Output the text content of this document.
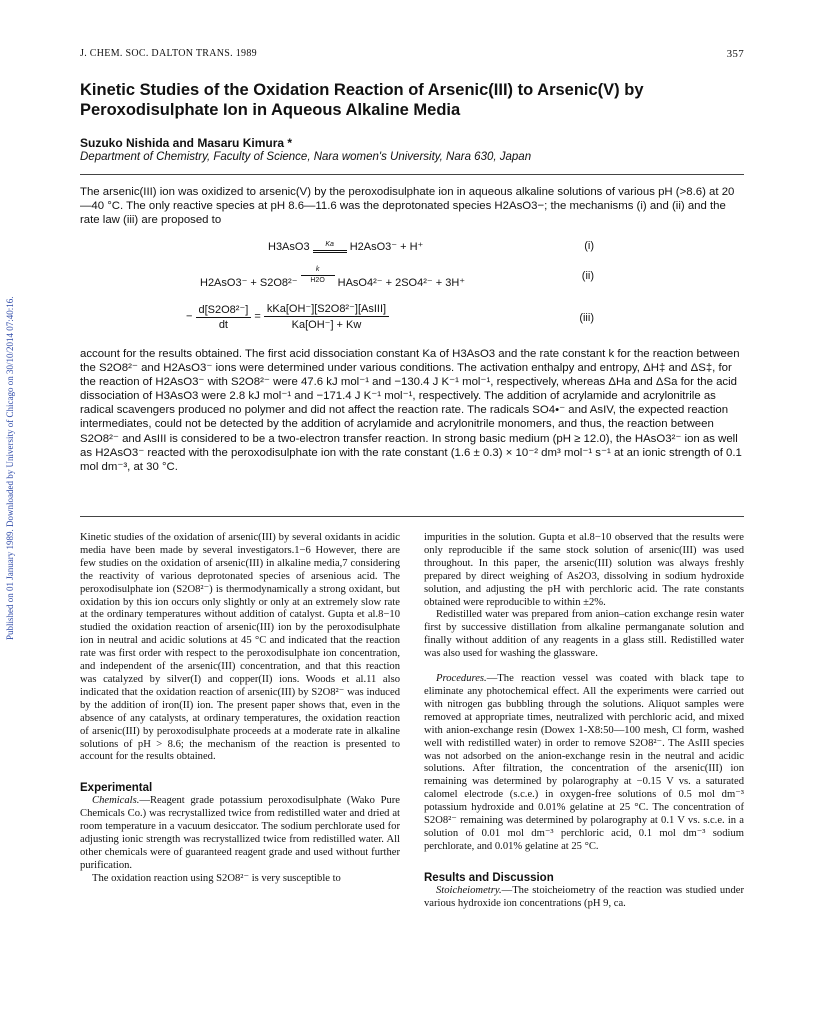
Published on 01 January 1989. Downloaded by University of Chicago on 30/10/2014 07:40:16.
J. CHEM. SOC. DALTON TRANS. 1989	357
Kinetic Studies of the Oxidation Reaction of Arsenic(III) to Arsenic(V) by Peroxodisulphate Ion in Aqueous Alkaline Media
Suzuko Nishida and Masaru Kimura *
Department of Chemistry, Faculty of Science, Nara women's University, Nara 630, Japan

The arsenic(III) ion was oxidized to arsenic(V) by the peroxodisulphate ion in aqueous alkaline solutions of various pH (>8.6) at 20—40 °C. The only reactive species at pH 8.6—11.6 was the deprotonated species H2AsO3−; the mechanisms (i) and (ii) and the rate law (iii) are proposed to

H3AsO3	Ka	H2AsO3⁻ + H⁺	(i)
$H2AsO3^- + S2O8^{2-} \frac{k}{H2O}$ HAsO4²⁻ + 2SO4²⁻ + 3H⁺
(ii)
− $\frac{\text{d[S2O8²⁻]}}{dt} = \frac{\text{kKa[OH⁻][S2O8²⁻][AsIII]}}{Ka[OH^-] + Kw}$	(iii)

account for the results obtained. The first acid dissociation constant Ka of H3AsO3 and the rate constant k for the reaction between the S2O8²⁻ and H2AsO3⁻ ions were determined under various conditions. The activation enthalpy and entropy, ΔH‡ and ΔS‡, for the reaction of H2AsO3⁻ with S2O8²⁻ were 47.6 kJ mol⁻¹ and −130.4 J K⁻¹ mol⁻¹, respectively, whereas ΔHa and ΔSa for the acid dissociation of H3AsO3 were 2.8 kJ mol⁻¹ and −171.4 J K⁻¹ mol⁻¹, respectively. The addition of acrylamide and acrylonitrile as radical scavengers produced no polymer and did not affect the reaction rate. The radicals SO4•⁻ and AsIV, the expected reaction intermediates, could not be detected by the addition of acrylamide and acrylonitrile monomers, and thus, the reaction between S2O8²⁻ and AsIII is considered to be a two-electron transfer reaction. In strong basic medium (pH ≥ 12.0), the HAsO3²⁻ ion as well as H2AsO3⁻ reacted with the peroxodisulphate ion with the rate constant (1.6 ± 0.3) × 10⁻² dm³ mol⁻¹ s⁻¹ at an ionic strength of 0.1 mol dm⁻³, at 30 °C.

Kinetic studies of the oxidation of arsenic(III) by several oxidants in acidic media have been made by several investigators.1−6 However, there are few studies on the oxidation of arsenic(III) in alkaline media,7 considering the reactivity of various deprotonated species of arsenious acid. The peroxodisulphate ion (S2O8²⁻) is thermodynamically a strong oxidant, but oxidation by this ion occurs only slightly or only at an extremely slow rate at the ordinary temperatures without addition of catalyst. Gupta et al.8−10 studied the oxidation reaction of arsenic(III) ion by the peroxodisulphate ion in neutral and acidic solutions at 45 °C and indicated that the reaction rate was first order with respect to the peroxodisulphate ion concentration, and independent of the arsenic(III) concentration, and that this reaction was catalyzed by silver(I) and copper(II) ions. Woods et al.11 also indicated that the oxidation reaction of arsenic(III) by S2O8²⁻ was induced by the addition of iron(II) ion. The present paper shows that, even in the absence of any catalysts, at ordinary temperatures, the oxidation reaction of arsenic(III) by peroxodisulphate proceeds at a moderate rate in alkaline solutions of pH > 8.6; the mechanism of the reaction is presented to account for the results obtained.

Experimental

Chemicals.—Reagent grade potassium peroxodisulphate (Wako Pure Chemicals Co.) was recrystallized twice from redistilled water and dried at room temperature in a vacuum desiccator. The sodium perchlorate used for adjusting ionic strength was recrystallized twice from redistilled water. All other chemicals were of guaranteed reagent grade and used without further purification.

The oxidation reaction using S2O8²⁻ is very susceptible to

impurities in the solution. Gupta et al.8−10 observed that the results were only reproducible if the same stock solution of arsenic(III) was used throughout. In this paper, the arsenic(III) solution was always freshly prepared by direct weighing of As2O3, dissolving in sodium hydroxide solution, and adjusting the pH with perchloric acid. The rate constants obtained were reproducible to within ±2%.

Redistilled water was prepared from anion–cation exchange resin water first by successive distillation from alkaline permanganate solution and finally without addition of any reagents in a glass still. Redistilled water was also used for washing the glassware.

Procedures.—The reaction vessel was coated with black tape to eliminate any photochemical effect. All the experiments were carried out with nitrogen gas bubbling through the solutions. Aliquot samples were removed at appropriate times, neutralized with perchloric acid, and mixed with anion-exchange resin (Dowex 1-X8:50—100 mesh, Cl form, washed well with redistilled water) in order to remove S2O8²⁻. The AsIII species was not adsorbed on the anion-exchange resin in the neutral and acidic solutions. After filtration, the concentration of the arsenic(III) ion remaining was determined by polarography at −0.15 V vs. a saturated calomel electrode (s.c.e.) in oxygen-free solutions of 0.5 mol dm⁻³ potassium hydroxide and 0.01% gelatine at 25 °C. The concentration of S2O8²⁻ remaining was determined by polarography at 0.1 V vs. s.c.e. in a solution of 0.01 mol dm⁻³ perchloric acid, 0.1 mol dm⁻³ sodium perchlorate, and 0.01% gelatine at 25 °C.

Results and Discussion

Stoicheiometry.—The stoicheiometry of the reaction was studied under various hydroxide ion concentrations (pH 9, ca.
